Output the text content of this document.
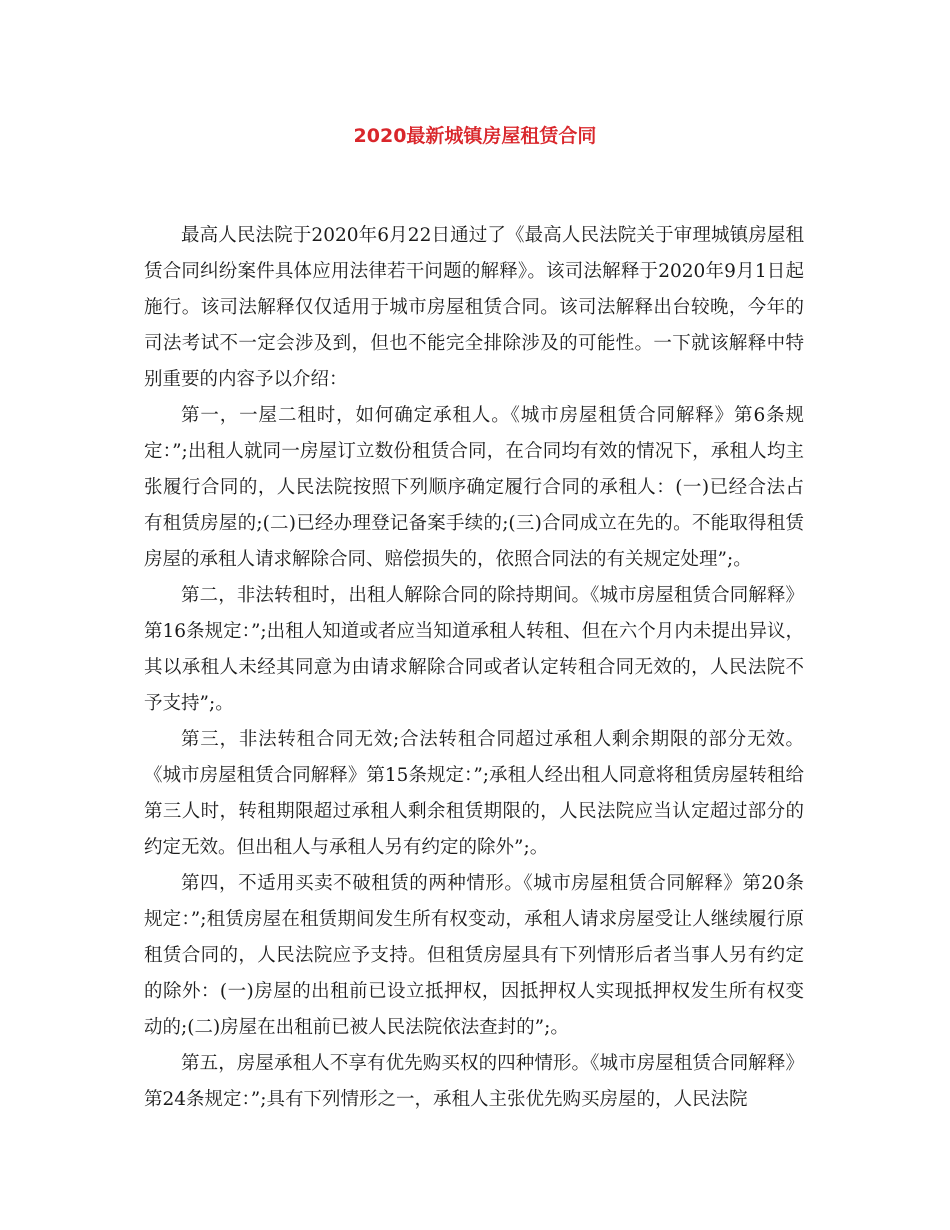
2020最新城镇房屋租赁合同

最高人民法院于2020年6月22日通过了《最高人民法院关于审理城镇房屋租赁合同纠纷案件具体应用法律若干问题的解释》。该司法解释于2020年9月1日起施行。该司法解释仅仅适用于城市房屋租赁合同。该司法解释出台较晚，今年的司法考试不一定会涉及到，但也不能完全排除涉及的可能性。一下就该解释中特别重要的内容予以介绍：

第一，一屋二租时，如何确定承租人。《城市房屋租赁合同解释》第6条规定：”;出租人就同一房屋订立数份租赁合同，在合同均有效的情况下，承租人均主张履行合同的，人民法院按照下列顺序确定履行合同的承租人：(一)已经合法占有租赁房屋的;(二)已经办理登记备案手续的;(三)合同成立在先的。不能取得租赁房屋的承租人请求解除合同、赔偿损失的，依照合同法的有关规定处理”;。

第二，非法转租时，出租人解除合同的除持期间。《城市房屋租赁合同解释》第16条规定：”;出租人知道或者应当知道承租人转租、但在六个月内未提出异议，其以承租人未经其同意为由请求解除合同或者认定转租合同无效的，人民法院不予支持”;。

第三，非法转租合同无效;合法转租合同超过承租人剩余期限的部分无效。《城市房屋租赁合同解释》第15条规定：”;承租人经出租人同意将租赁房屋转租给第三人时，转租期限超过承租人剩余租赁期限的，人民法院应当认定超过部分的约定无效。但出租人与承租人另有约定的除外”;。

第四，不适用买卖不破租赁的两种情形。《城市房屋租赁合同解释》第20条规定：”;租赁房屋在租赁期间发生所有权变动，承租人请求房屋受让人继续履行原租赁合同的，人民法院应予支持。但租赁房屋具有下列情形后者当事人另有约定的除外：(一)房屋的出租前已设立抵押权，因抵押权人实现抵押权发生所有权变动的;(二)房屋在出租前已被人民法院依法查封的”;。

第五，房屋承租人不享有优先购买权的四种情形。《城市房屋租赁合同解释》第24条规定：”;具有下列情形之一，承租人主张优先购买房屋的，人民法院
